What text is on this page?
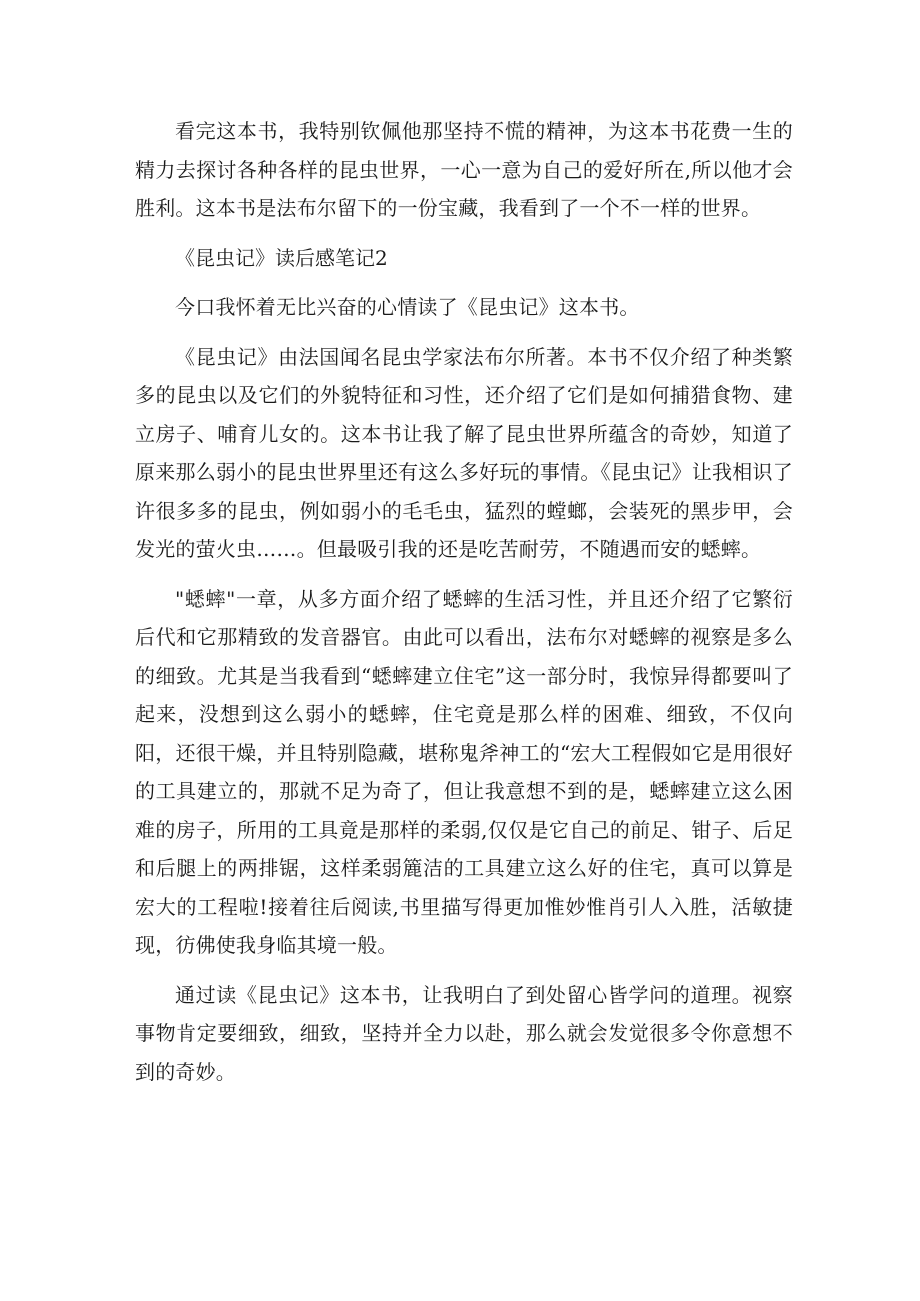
看完这本书，我特别钦佩他那坚持不慌的精神，为这本书花费一生的精力去探讨各种各样的昆虫世界，一心一意为自己的爱好所在,所以他才会胜利。这本书是法布尔留下的一份宝藏，我看到了一个不一样的世界。

《昆虫记》读后感笔记2

今口我怀着无比兴奋的心情读了《昆虫记》这本书。

《昆虫记》由法国闻名昆虫学家法布尔所著。本书不仅介绍了种类繁多的昆虫以及它们的外貌特征和习性，还介绍了它们是如何捕猎食物、建立房子、哺育儿女的。这本书让我了解了昆虫世界所蕴含的奇妙，知道了原来那么弱小的昆虫世界里还有这么多好玩的事情。《昆虫记》让我相识了许很多多的昆虫，例如弱小的毛毛虫，猛烈的螳螂，会装死的黑步甲，会发光的萤火虫……。但最吸引我的还是吃苦耐劳，不随遇而安的蟋蟀。

"蟋蟀"一章，从多方面介绍了蟋蟀的生活习性，并且还介绍了它繁衍后代和它那精致的发音器官。由此可以看出，法布尔对蟋蟀的视察是多么的细致。尤其是当我看到“蟋蟀建立住宅”这一部分时，我惊异得都要叫了起来，没想到这么弱小的蟋蟀，住宅竟是那么样的困难、细致，不仅向阳，还很干燥，并且特别隐藏，堪称鬼斧神工的“宏大工程假如它是用很好的工具建立的，那就不足为奇了，但让我意想不到的是，蟋蟀建立这么困难的房子，所用的工具竟是那样的柔弱,仅仅是它自己的前足、钳子、后足和后腿上的两排锯，这样柔弱簏洁的工具建立这么好的住宅，真可以算是宏大的工程啦!接着往后阅读,书里描写得更加惟妙惟肖引人入胜，活敏捷现，彷佛使我身临其境一般。

通过读《昆虫记》这本书，让我明白了到处留心皆学问的道理。视察事物肯定要细致，细致，坚持并全力以赴，那么就会发觉很多令你意想不到的奇妙。
